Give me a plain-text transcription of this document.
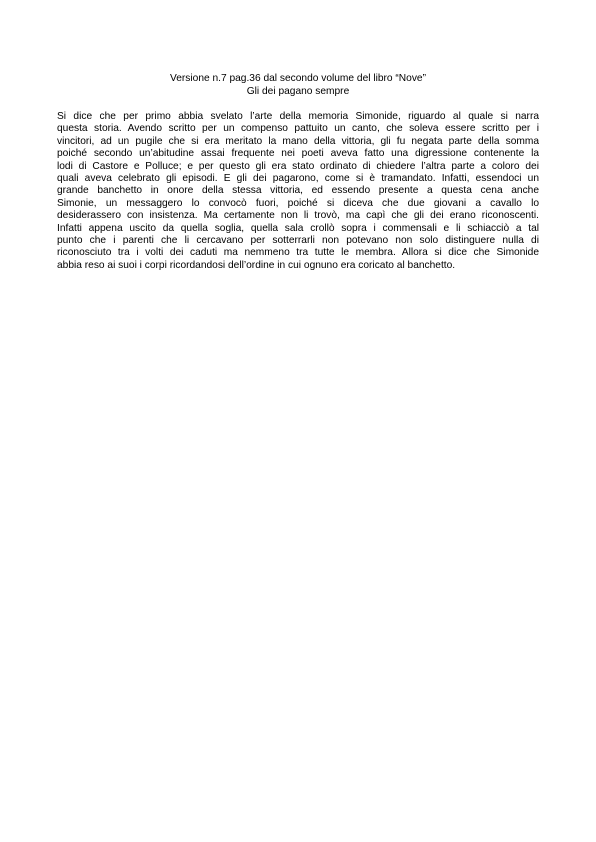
Versione n.7 pag.36 dal secondo volume del libro “Nove”
Gli dei pagano sempre
Si dice che per primo abbia svelato l’arte della memoria Simonide, riguardo al quale si narra
questa storia. Avendo scritto per un compenso pattuito un canto, che soleva essere scritto per i
vincitori, ad un pugile che si era meritato la mano della vittoria, gli fu negata parte della somma
poiché secondo un’abitudine assai frequente nei poeti aveva fatto una digressione contenente la
lodi di Castore e Polluce; e per questo gli era stato ordinato di chiedere l’altra parte a coloro dei
quali aveva celebrato gli episodi. E gli dei pagarono, come si è tramandato. Infatti, essendoci un
grande banchetto in onore della stessa vittoria, ed essendo presente a questa cena anche
Simonie, un messaggero lo convocò fuori, poiché si diceva che due giovani a cavallo lo
desiderassero con insistenza. Ma certamente non li trovò, ma capì che gli dei erano riconoscenti.
Infatti appena uscito da quella soglia, quella sala crollò sopra i commensali e li schiacciò a tal
punto che i parenti che li cercavano per sotterrarli non potevano non solo distinguere nulla di
riconosciuto tra i volti dei caduti ma nemmeno tra tutte le membra. Allora si dice che Simonide
abbia reso ai suoi i corpi ricordandosi dell’ordine in cui ognuno era coricato al banchetto.
